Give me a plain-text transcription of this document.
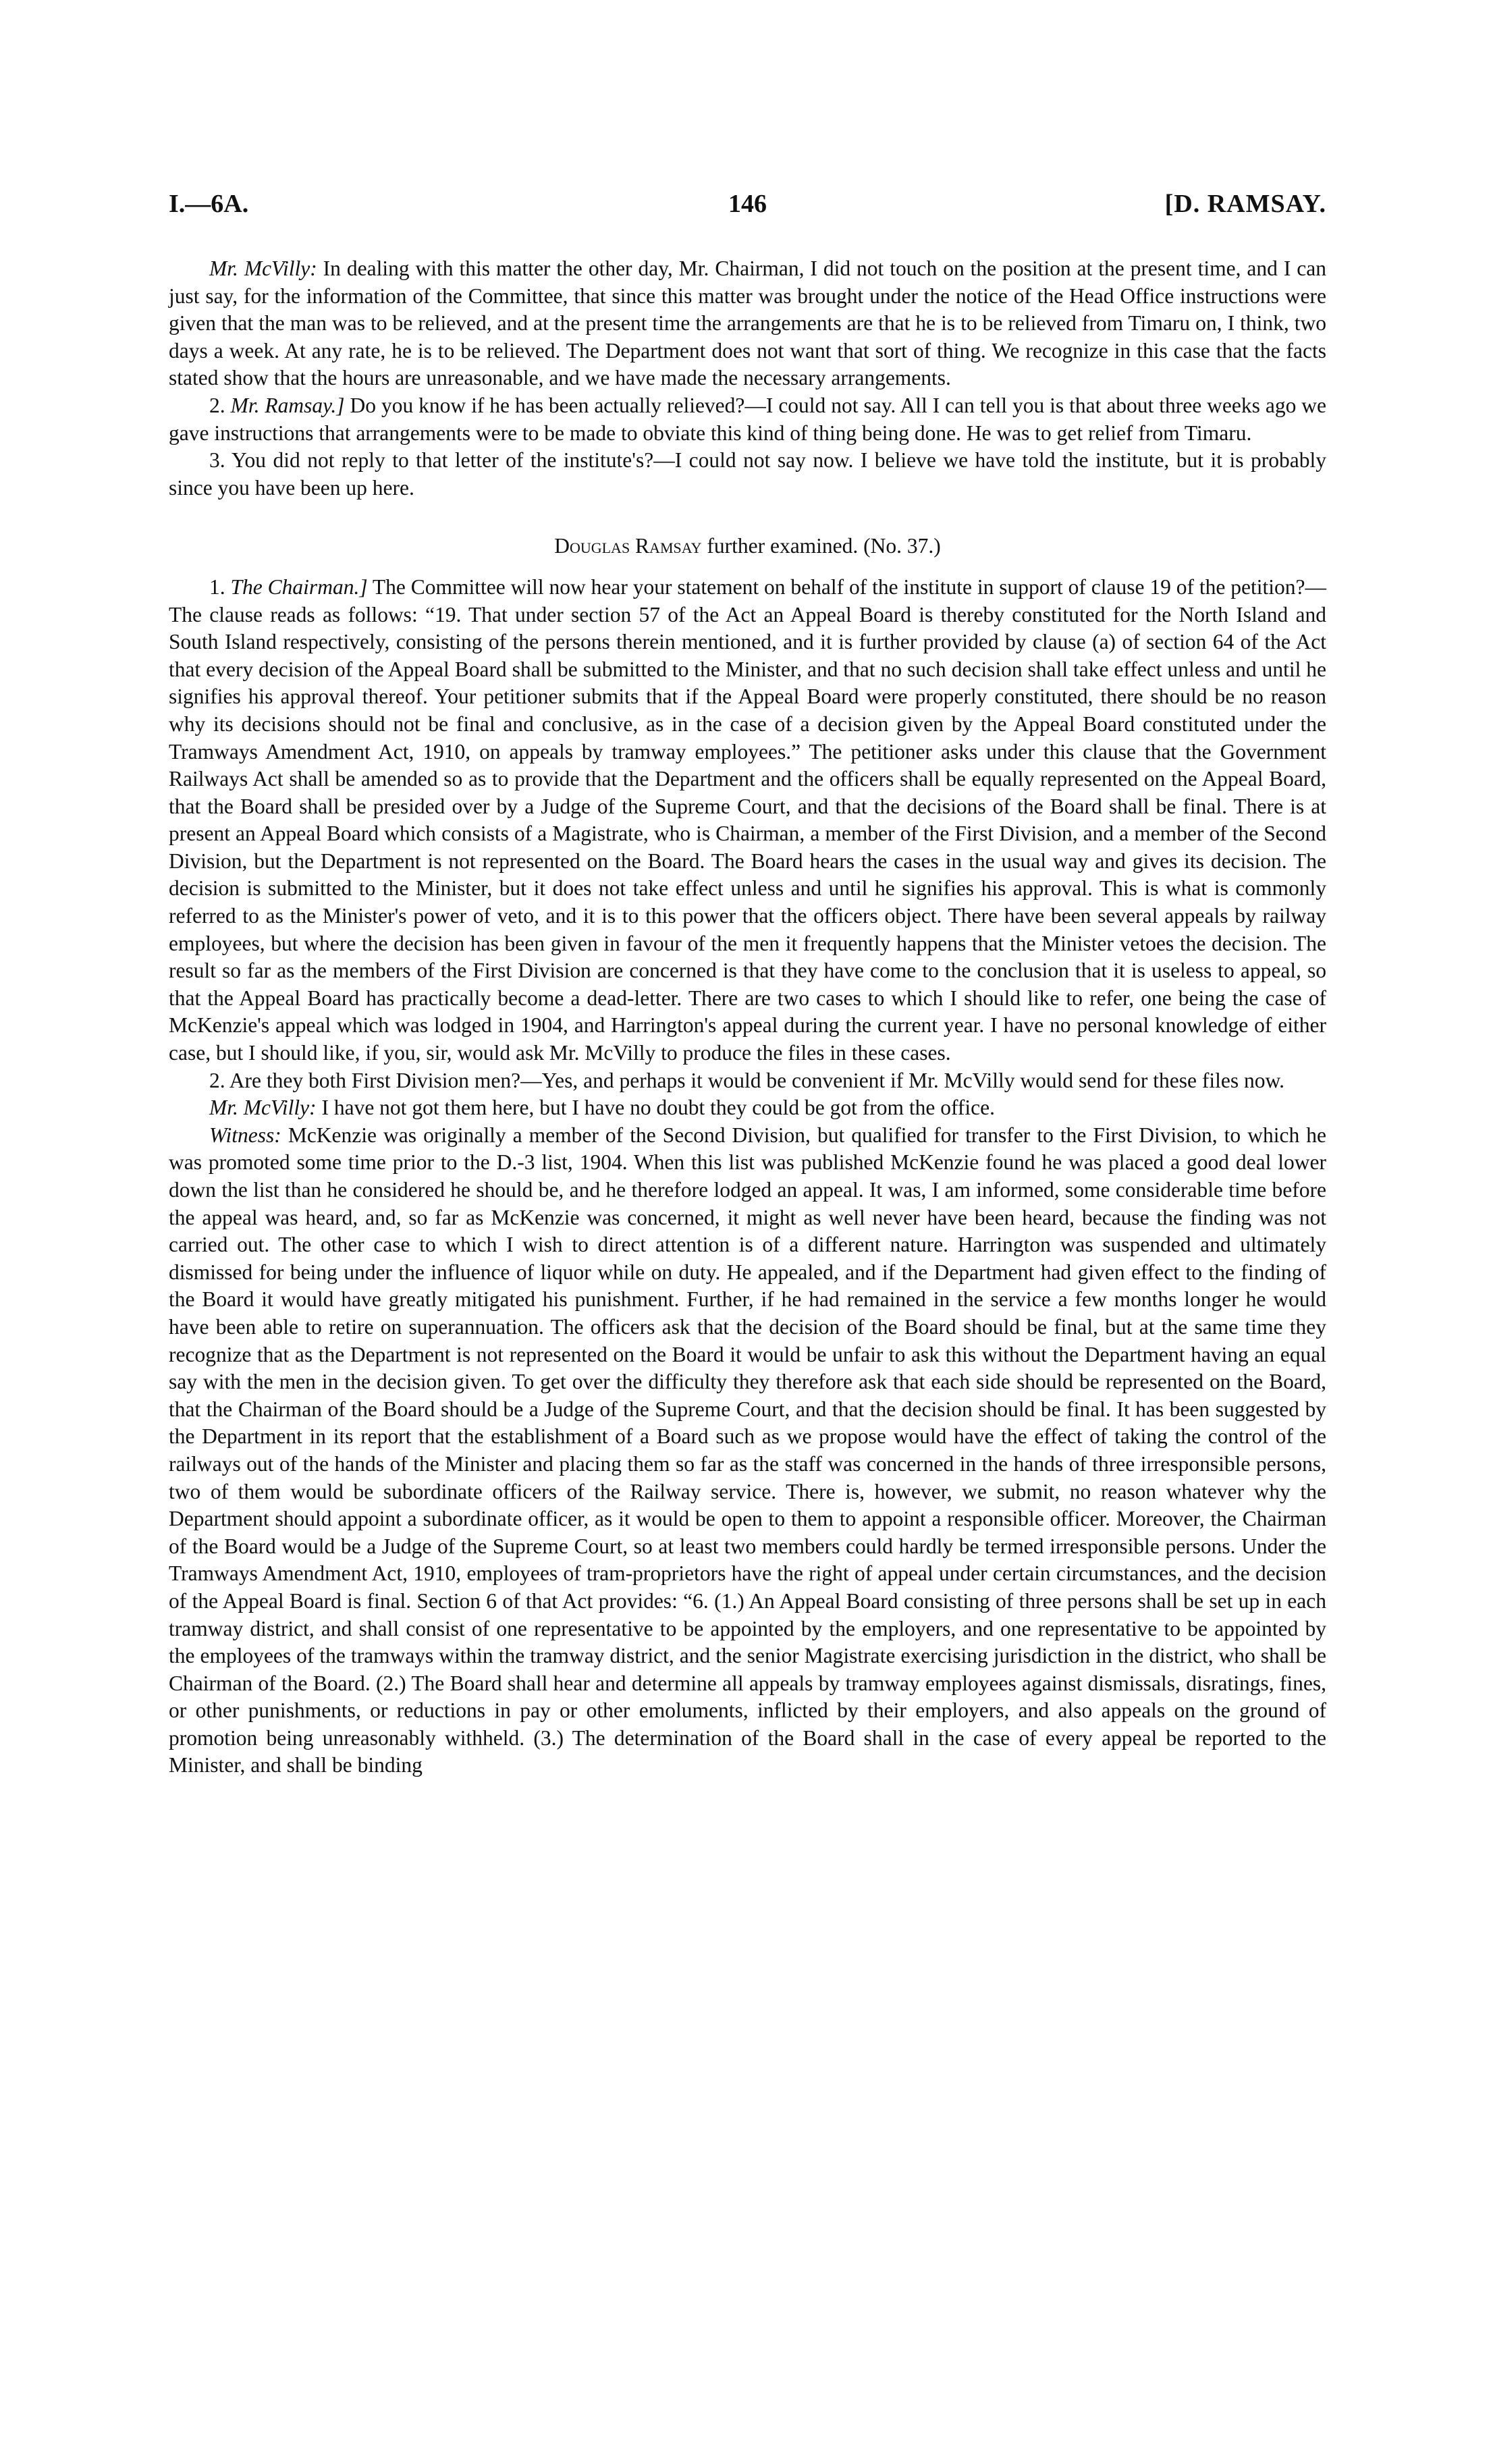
I.—6A.	146	[D. RAMSAY.

Mr. McVilly: In dealing with this matter the other day, Mr. Chairman, I did not touch on the position at the present time, and I can just say, for the information of the Committee, that since this matter was brought under the notice of the Head Office instructions were given that the man was to be relieved, and at the present time the arrangements are that he is to be relieved from Timaru on, I think, two days a week. At any rate, he is to be relieved. The Department does not want that sort of thing. We recognize in this case that the facts stated show that the hours are unreasonable, and we have made the necessary arrangements.

2. Mr. Ramsay.] Do you know if he has been actually relieved?—I could not say. All I can tell you is that about three weeks ago we gave instructions that arrangements were to be made to obviate this kind of thing being done. He was to get relief from Timaru.

3. You did not reply to that letter of the institute's?—I could not say now. I believe we have told the institute, but it is probably since you have been up here.

Douglas Ramsay further examined. (No. 37.)

1. The Chairman.] The Committee will now hear your statement on behalf of the institute in support of clause 19 of the petition?—The clause reads as follows: “19. That under section 57 of the Act an Appeal Board is thereby constituted for the North Island and South Island respectively, consisting of the persons therein mentioned, and it is further provided by clause (a) of section 64 of the Act that every decision of the Appeal Board shall be submitted to the Minister, and that no such decision shall take effect unless and until he signifies his approval thereof. Your petitioner submits that if the Appeal Board were properly constituted, there should be no reason why its decisions should not be final and conclusive, as in the case of a decision given by the Appeal Board constituted under the Tramways Amendment Act, 1910, on appeals by tramway employees.” The petitioner asks under this clause that the Government Railways Act shall be amended so as to provide that the Department and the officers shall be equally represented on the Appeal Board, that the Board shall be presided over by a Judge of the Supreme Court, and that the decisions of the Board shall be final. There is at present an Appeal Board which consists of a Magistrate, who is Chairman, a member of the First Division, and a member of the Second Division, but the Department is not represented on the Board. The Board hears the cases in the usual way and gives its decision. The decision is submitted to the Minister, but it does not take effect unless and until he signifies his approval. This is what is commonly referred to as the Minister's power of veto, and it is to this power that the officers object. There have been several appeals by railway employees, but where the decision has been given in favour of the men it frequently happens that the Minister vetoes the decision. The result so far as the members of the First Division are concerned is that they have come to the conclusion that it is useless to appeal, so that the Appeal Board has practically become a dead-letter. There are two cases to which I should like to refer, one being the case of McKenzie's appeal which was lodged in 1904, and Harrington's appeal during the current year. I have no personal knowledge of either case, but I should like, if you, sir, would ask Mr. McVilly to produce the files in these cases.

2. Are they both First Division men?—Yes, and perhaps it would be convenient if Mr. McVilly would send for these files now.

Mr. McVilly: I have not got them here, but I have no doubt they could be got from the office.

Witness: McKenzie was originally a member of the Second Division, but qualified for transfer to the First Division, to which he was promoted some time prior to the D.-3 list, 1904. When this list was published McKenzie found he was placed a good deal lower down the list than he considered he should be, and he therefore lodged an appeal. It was, I am informed, some considerable time before the appeal was heard, and, so far as McKenzie was concerned, it might as well never have been heard, because the finding was not carried out. The other case to which I wish to direct attention is of a different nature. Harrington was suspended and ultimately dismissed for being under the influence of liquor while on duty. He appealed, and if the Department had given effect to the finding of the Board it would have greatly mitigated his punishment. Further, if he had remained in the service a few months longer he would have been able to retire on superannuation. The officers ask that the decision of the Board should be final, but at the same time they recognize that as the Department is not represented on the Board it would be unfair to ask this without the Department having an equal say with the men in the decision given. To get over the difficulty they therefore ask that each side should be represented on the Board, that the Chairman of the Board should be a Judge of the Supreme Court, and that the decision should be final. It has been suggested by the Department in its report that the establishment of a Board such as we propose would have the effect of taking the control of the railways out of the hands of the Minister and placing them so far as the staff was concerned in the hands of three irresponsible persons, two of them would be subordinate officers of the Railway service. There is, however, we submit, no reason whatever why the Department should appoint a subordinate officer, as it would be open to them to appoint a responsible officer. Moreover, the Chairman of the Board would be a Judge of the Supreme Court, so at least two members could hardly be termed irresponsible persons. Under the Tramways Amendment Act, 1910, employees of tram-proprietors have the right of appeal under certain circumstances, and the decision of the Appeal Board is final. Section 6 of that Act provides: “6. (1.) An Appeal Board consisting of three persons shall be set up in each tramway district, and shall consist of one representative to be appointed by the employers, and one representative to be appointed by the employees of the tramways within the tramway district, and the senior Magistrate exercising jurisdiction in the district, who shall be Chairman of the Board. (2.) The Board shall hear and determine all appeals by tramway employees against dismissals, disratings, fines, or other punishments, or reductions in pay or other emoluments, inflicted by their employers, and also appeals on the ground of promotion being unreasonably withheld. (3.) The determination of the Board shall in the case of every appeal be reported to the Minister, and shall be binding
